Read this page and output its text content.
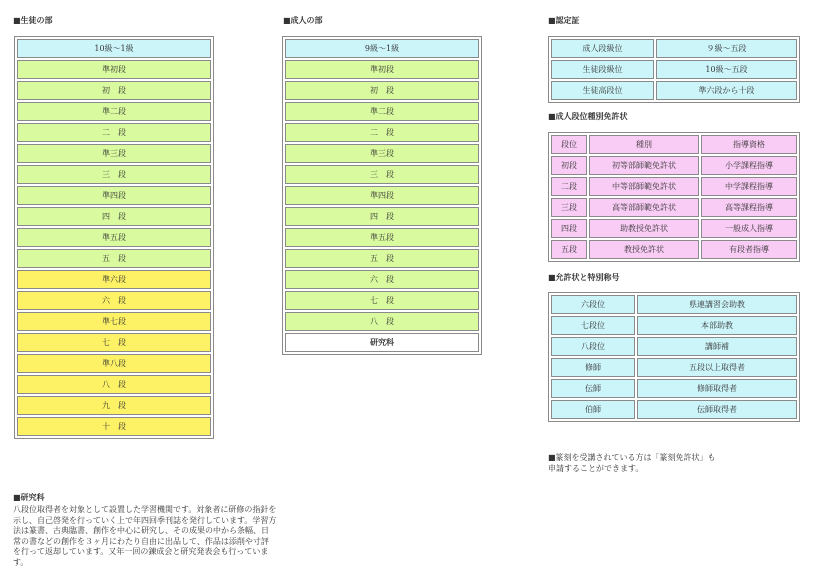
■生徒の部
10級～1級
準初段
初　段
準二段
二　段
準三段
三　段
準四段
四　段
準五段
五　段
準六段
六　段
準七段
七　段
準八段
八　段
九　段
十　段
■成人の部
9級～1級
準初段
初　段
準二段
二　段
準三段
三　段
準四段
四　段
準五段
五　段
六　段
七　段
八　段
研究科
■認定証
成人段級位	９級～五段
生徒段級位	10級～五段
生徒高段位	準六段から十段
■成人段位種別免許状
段位	種別	指導資格
初段	初等部師範免許状	小学課程指導
二段	中等部師範免許状	中学課程指導
三段	高等部師範免許状	高等課程指導
四段	助教授免許状	一般成人指導
五段	教授免許状	有段者指導
■允許状と特別称号
六段位	県連講習会助教
七段位	本部助教
八段位	講師補
修師	五段以上取得者
伝師	修師取得者
伯師	伝師取得者
■篆刻を受講されている方は「篆刻免許状」も
申請することができます。
■研究科
八段位取得者を対象として設置した学習機関です。対象者に研修の指針を
示し、自己啓発を行っていく上で年四回季刊誌を発行しています。学習方
法は篆書、古典臨書、創作を中心に研究し、その成果の中から条幅、日
常の書などの創作を３ヶ月にわたり自由に出品して、作品は添削や寸評
を行って返却しています。又年一回の錬成会と研究発表会も行っていま
す。
